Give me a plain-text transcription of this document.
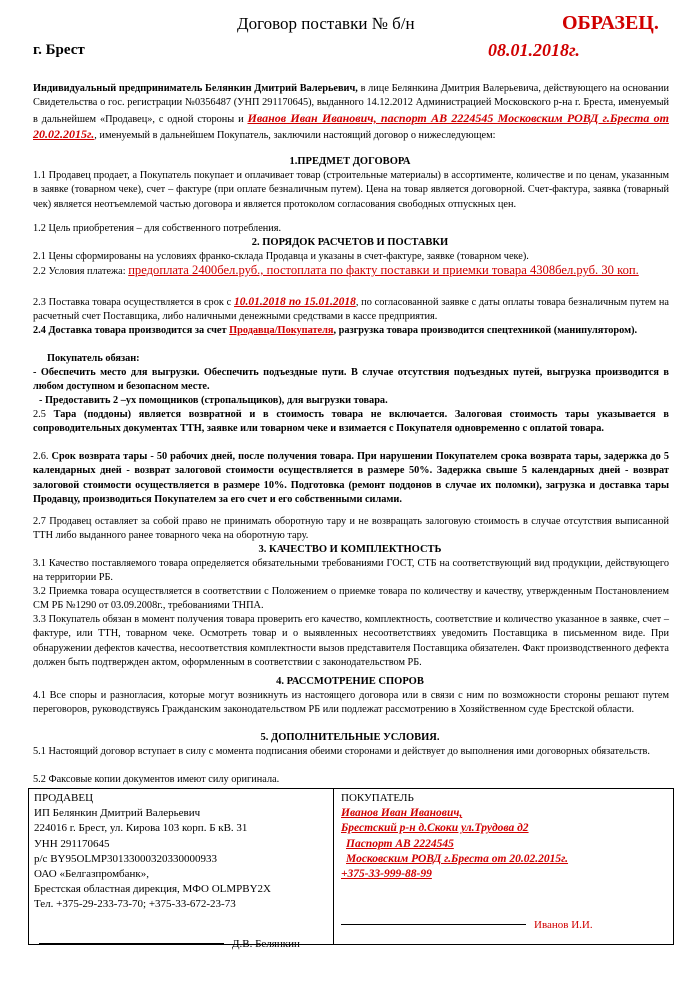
Договор поставки № б/н	ОБРАЗЕЦ.
г. Брест	08.01.2018г.
Индивидуальный предприниматель Белянкин Дмитрий Валерьевич, в лице Белянкина Дмитрия Валерьевича, действующего на основании Свидетельства о гос. регистрации №0356487 (УНП 291170645), выданного 14.12.2012 Администрацией Московского р-на г. Бреста, именуемый в дальнейшем «Продавец», с одной стороны и Иванов Иван Иванович, паспорт АВ 2224545 Московским РОВД г.Бреста от 20.02.2015г., именуемый в дальнейшем Покупатель, заключили настоящий договор о нижеследующем:
1.ПРЕДМЕТ ДОГОВОРА
1.1 Продавец продает, а Покупатель покупает и оплачивает товар (строительные материалы) в ассортименте, количестве и по ценам, указанным в заявке (товарном чеке), счет – фактуре (при оплате безналичным путем). Цена на товар является договорной. Счет-фактура, заявка (товарный чек) является неотъемлемой частью договора и является протоколом согласования свободных отпускных цен.
1.2 Цель приобретения – для собственного потребления.
2. ПОРЯДОК РАСЧЕТОВ И ПОСТАВКИ
2.1 Цены сформированы на условиях франко-склада Продавца и указаны в счет-фактуре, заявке (товарном чеке).
2.2 Условия платежа: предоплата 2400бел.руб., постоплата по факту поставки и приемки товара 4308бел.руб. 30 коп.
2.3 Поставка товара осуществляется в срок с 10.01.2018 по 15.01.2018, по согласованной заявке с даты оплаты товара безналичным путем на расчетный счет Поставщика, либо наличными денежными средствами в кассе предприятия.
2.4 Доставка товара производится за счет Продавца/Покупателя, разгрузка товара производится спецтехникой (манипулятором).
Покупатель обязан:
- Обеспечить место для выгрузки. Обеспечить подъездные пути. В случае отсутствия подъездных путей, выгрузка производится в любом доступном и безопасном месте.
- Предоставить 2 –ух помощников (стропальщиков), для выгрузки товара.
2.5 Тара (поддоны) является возвратной и в стоимость товара не включается. Залоговая стоимость тары указывается в сопроводительных документах ТТН, заявке или товарном чеке и взимается с Покупателя одновременно с оплатой товара.
2.6. Срок возврата тары - 50 рабочих дней, после получения товара. При нарушении Покупателем срока возврата тары, задержка до 5 календарных дней - возврат залоговой стоимости осуществляется в размере 50%. Задержка свыше 5 календарных дней - возврат залоговой стоимости осуществляется в размере 10%. Подготовка (ремонт поддонов в случае их поломки), загрузка и доставка тары Продавцу, производиться Покупателем за его счет и его собственными силами.
2.7 Продавец оставляет за собой право не принимать оборотную тару и не возвращать залоговую стоимость в случае отсутствия выписанной ТТН либо выданного ранее товарного чека на оборотную тару.
3. КАЧЕСТВО И КОМПЛЕКТНОСТЬ
3.1 Качество поставляемого товара определяется обязательными требованиями ГОСТ, СТБ на соответствующий вид продукции, действующего на территории РБ.
3.2 Приемка товара осуществляется в соответствии с Положением о приемке товара по количеству и качеству, утвержденным Постановлением СМ РБ №1290 от 03.09.2008г., требованиями ТНПА.
3.3 Покупатель обязан в момент получения товара проверить его качество, комплектность, соответствие и количество указанное в заявке, счет – фактуре, или ТТН, товарном чеке. Осмотреть товар и о выявленных несоответствиях уведомить Поставщика в письменном виде. При обнаружении дефектов качества, несоответствия комплектности вызов представителя Поставщика обязателен. Факт производственного дефекта должен быть подтвержден актом, оформленным в соответствии с законодательством РБ.
4. РАССМОТРЕНИЕ СПОРОВ
4.1 Все споры и разногласия, которые могут возникнуть из настоящего договора или в связи с ним по возможности стороны решают путем переговоров, руководствуясь Гражданским законодательством РБ или подлежат рассмотрению в Хозяйственном суде Брестской области.
5. ДОПОЛНИТЕЛЬНЫЕ УСЛОВИЯ.
5.1 Настоящий договор вступает в силу с момента подписания обеими сторонами и действует до выполнения ими договорных обязательств.
5.2 Факсовые копии документов имеют силу оригинала.
ПРОДАВЕЦ
ИП Белянкин Дмитрий Валерьевич
224016 г. Брест, ул. Кирова 103 корп. Б кВ. 31
УНН 291170645
р/с BY95OLMP30133000320330000933
ОАО «Белгазпромбанк»,
Брестская областная дирекция, МФО OLMPBY2X
Тел. +375-29-233-73-70; +375-33-672-23-73
Д.В. Белянкин
ПОКУПАТЕЛЬ
Иванов Иван Иванович,
Брестский р-н д.Скоки ул.Трудова д2
Паспорт АВ 2224545
Московским РОВД г.Бреста от 20.02.2015г.
+375-33-999-88-99
Иванов И.И.
